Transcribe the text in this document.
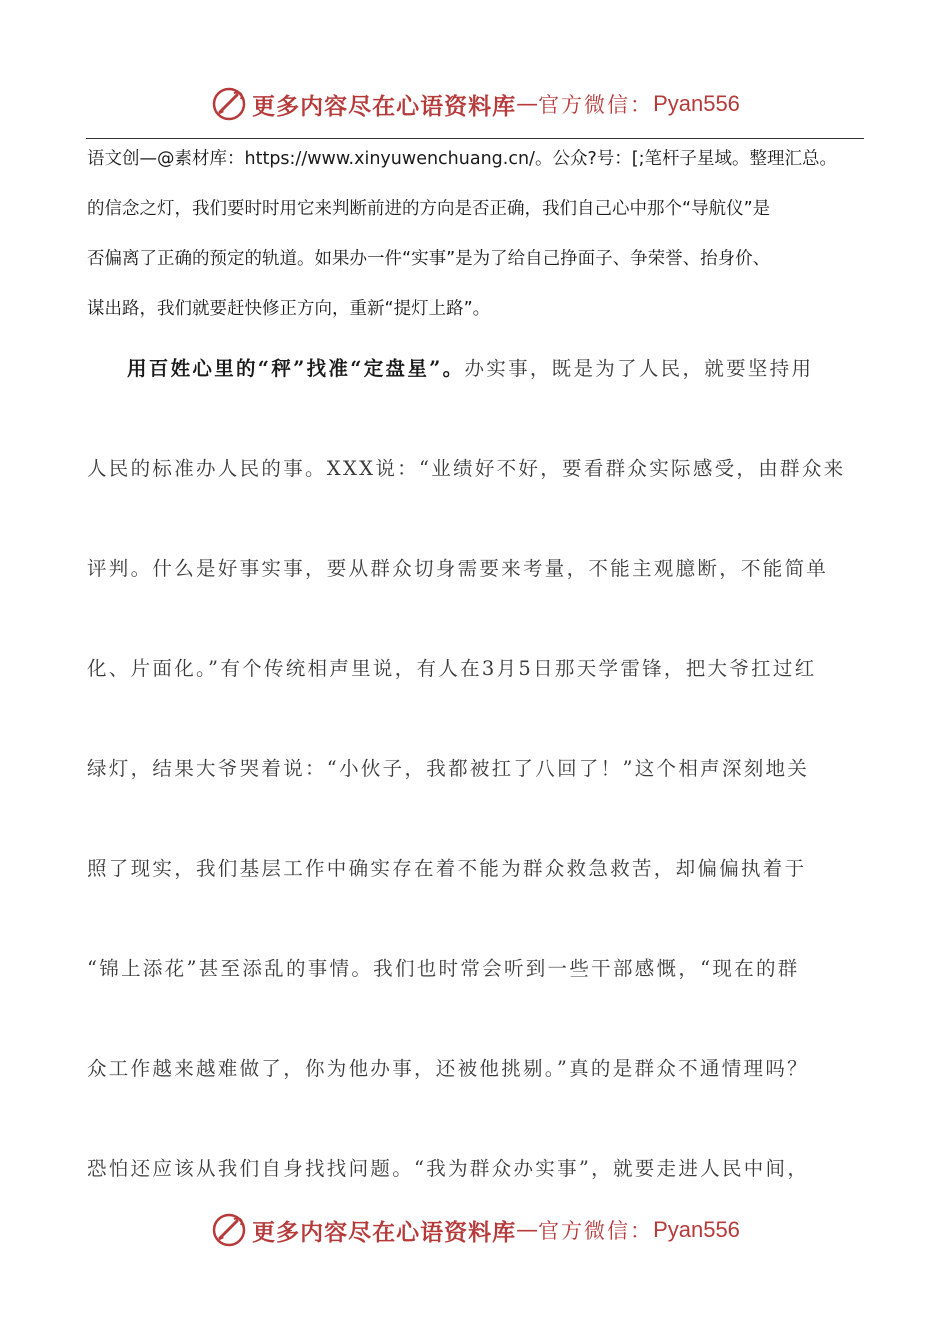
更多内容尽在心语资料库 — 官方微信： Pyan556

语文创—@素材库：https://www.xinyuwenchuang.cn/。公众?号：[;笔杆子星域。整理汇总。

的信念之灯，我们要时时用它来判断前进的方向是否正确，我们自己心中那个“导航仪”是

否偏离了正确的预定的轨道。如果办一件“实事”是为了给自己挣面子、争荣誉、抬身价、

谋出路，我们就要赶快修正方向，重新“提灯上路”。

用百姓心里的“秤”找准“定盘星”。办实事，既是为了人民，就要坚持用

人民的标准办人民的事。XXX说：“业绩好不好，要看群众实际感受，由群众来

评判。什么是好事实事，要从群众切身需要来考量，不能主观臆断，不能简单

化、片面化。”有个传统相声里说，有人在3月5日那天学雷锋，把大爷扛过红

绿灯，结果大爷哭着说：“小伙子，我都被扛了八回了！”这个相声深刻地关

照了现实，我们基层工作中确实存在着不能为群众救急救苦，却偏偏执着于

“锦上添花”甚至添乱的事情。我们也时常会听到一些干部感慨，“现在的群

众工作越来越难做了，你为他办事，还被他挑剔。”真的是群众不通情理吗？

恐怕还应该从我们自身找找问题。“我为群众办实事”，就要走进人民中间，

更多内容尽在心语资料库 — 官方微信： Pyan556
